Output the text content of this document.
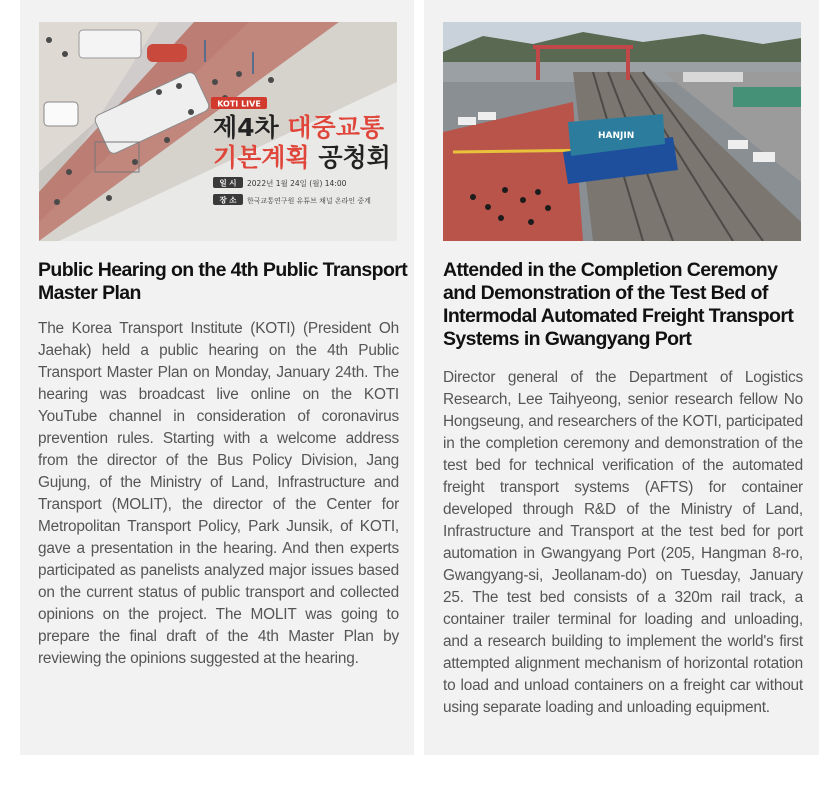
KOTI LIVE
제4차 대중교통
기본계획 공청회
일 시 2022년 1월 24일 (월) 14:00
장 소 한국교통연구원 유튜브 채널 온라인 중계
Public Hearing on the 4th Public Transport Master Plan

The Korea Transport Institute (KOTI) (President Oh Jaehak) held a public hearing on the 4th Public Transport Master Plan on Monday, January 24th. The hearing was broadcast live online on the KOTI YouTube channel in consideration of coronavirus prevention rules. Starting with a welcome address from the director of the Bus Policy Division, Jang Gujung, of the Ministry of Land, Infrastructure and Transport (MOLIT), the director of the Center for Metropolitan Transport Policy, Park Junsik, of KOTI, gave a presentation in the hearing. And then experts participated as panelists analyzed major issues based on the current status of public transport and collected opinions on the project. The MOLIT was going to prepare the final draft of the 4th Master Plan by reviewing the opinions suggested at the hearing.

HANJIN
Attended in the Completion Ceremony and Demonstration of the Test Bed of Intermodal Automated Freight Transport Systems in Gwangyang Port

Director general of the Department of Logistics Research, Lee Taihyeong, senior research fellow No Hongseung, and researchers of the KOTI, participated in the completion ceremony and demonstration of the test bed for technical verification of the automated freight transport systems (AFTS) for container developed through R&D of the Ministry of Land, Infrastructure and Transport at the test bed for port automation in Gwangyang Port (205, Hangman 8-ro, Gwangyang-si, Jeollanam-do) on Tuesday, January 25. The test bed consists of a 320m rail track, a container trailer terminal for loading and unloading, and a research building to implement the world's first attempted alignment mechanism of horizontal rotation to load and unload containers on a freight car without using separate loading and unloading equipment.
